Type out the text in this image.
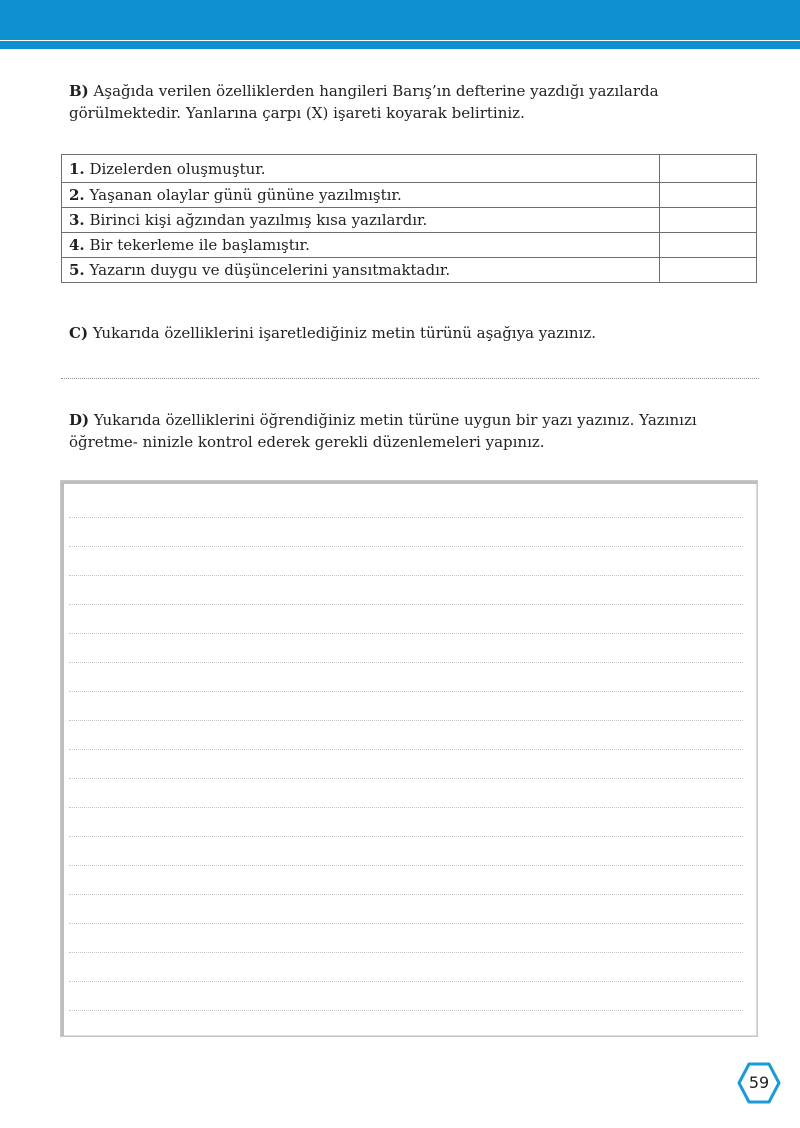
B) Aşağıda verilen özelliklerden hangileri Barış’ın defterine yazdığı yazılarda görülmektedir. Yanlarına çarpı (X) işareti koyarak belirtiniz.
1. Dizelerden oluşmuştur.	
2. Yaşanan olaylar günü gününe yazılmıştır.	
3. Birinci kişi ağzından yazılmış kısa yazılardır.	
4. Bir tekerleme ile başlamıştır.	
5. Yazarın duygu ve düşüncelerini yansıtmaktadır.	
C) Yukarıda özelliklerini işaretlediğiniz metin türünü aşağıya yazınız.
D) Yukarıda özelliklerini öğrendiğiniz metin türüne uygun bir yazı yazınız. Yazınızı öğretme- ninizle kontrol ederek gerekli düzenlemeleri yapınız.
59
